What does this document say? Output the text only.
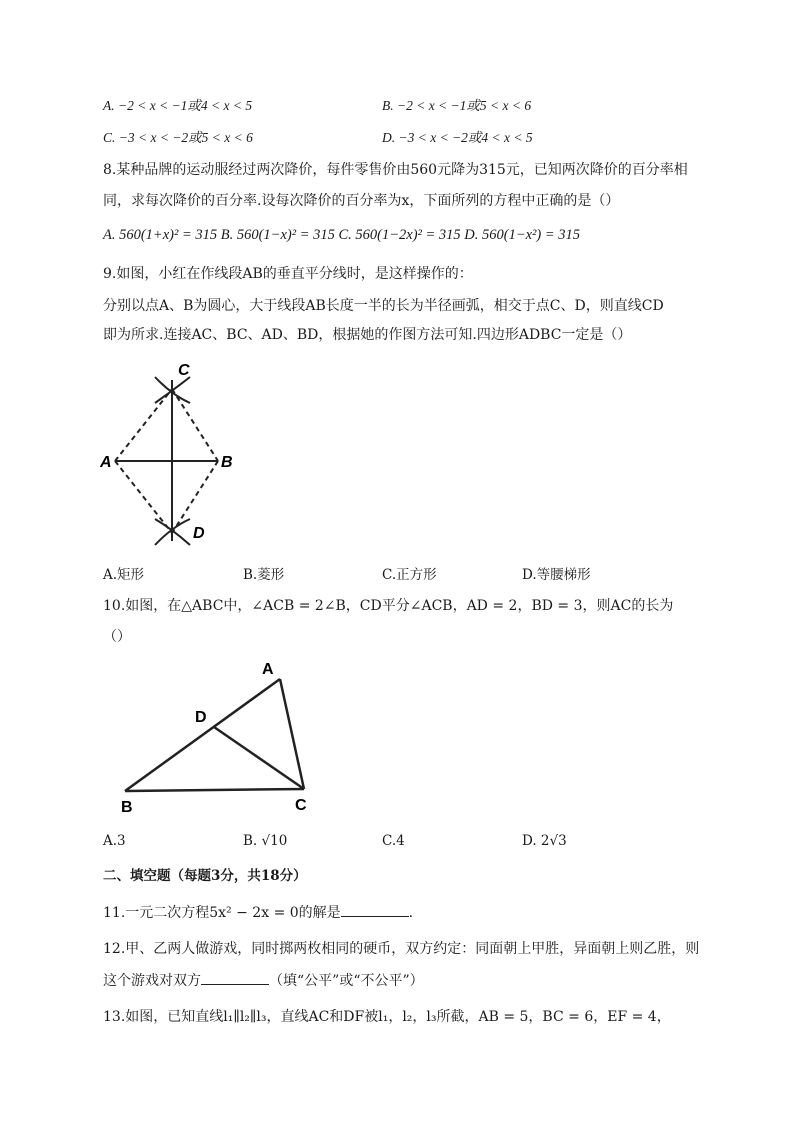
A. −2 < x < −1或4 < x < 5	B. −2 < x < −1或5 < x < 6
C. −3 < x < −2或5 < x < 6	D. −3 < x < −2或4 < x < 5
8.某种品牌的运动服经过两次降价，每件零售价由560元降为315元，已知两次降价的百分率相
同，求每次降价的百分率.设每次降价的百分率为x，下面所列的方程中正确的是（）
A. 560(1+x)² = 315 B. 560(1−x)² = 315 C. 560(1−2x)² = 315 D. 560(1−x²) = 315
9.如图，小红在作线段AB的垂直平分线时，是这样操作的：
分别以点A、B为圆心，大于线段AB长度一半的长为半径画弧，相交于点C、D，则直线CD
即为所求.连接AC、BC、AD、BD，根据她的作图方法可知.四边形ADBC一定是（）
C
A	B
D
A.矩形	B.菱形	C.正方形	D.等腰梯形
10.如图，在△ABC中，∠ACB = 2∠B，CD平分∠ACB，AD = 2，BD = 3，则AC的长为
（）
A
D
B	C
A.3	B. √10	C.4	D. 2√3
二、填空题（每题3分，共18分）
11.一元二次方程5x² − 2x = 0的解是	.
12.甲、乙两人做游戏，同时掷两枚相同的硬币，双方约定：同面朝上甲胜，异面朝上则乙胜，则
这个游戏对双方	（填“公平”或“不公平”）
13.如图，已知直线l₁∥l₂∥l₃，直线AC和DF被l₁，l₂，l₃所截，AB = 5，BC = 6，EF = 4，
